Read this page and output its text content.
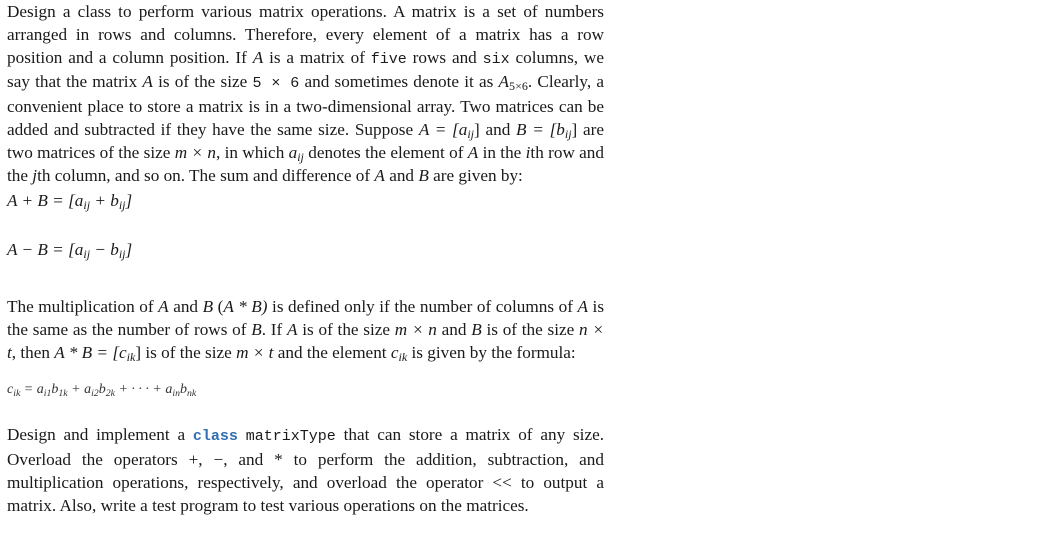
Design a class to perform various matrix operations. A matrix is a set of numbers arranged in rows and columns. Therefore, every element of a matrix has a row position and a column position. If A is a matrix of five rows and six columns, we say that the matrix A is of the size 5 × 6 and sometimes denote it as $A_{5\times 6}$. Clearly, a convenient place to store a matrix is in a two-dimensional array. Two matrices can be added and subtracted if they have the same size. Suppose $A = [a_{ij}]$ and $B = [b_{ij}]$ are two matrices of the size m × n, in which $a_{ij}$ denotes the element of A in the ith row and the jth column, and so on. The sum and difference of A and B are given by:

$A + B = [a_{ij} + b_{ij}]$
$A - B = [a_{ij} - b_{ij}]$

The multiplication of A and B (A * B) is defined only if the number of columns of A is the same as the number of rows of B. If A is of the size m × n and B is of the size n × t, then $A * B = [c_{ik}]$ is of the size m × t and the element $c_{ik}$ is given by the formula:

$c_{ik} = a_{i1}b_{1k} + a_{i2}b_{2k}$ + · · · + $a_{in}b_{nk}$

Design and implement a class matrixType that can store a matrix of any size. Overload the operators +, −, and * to perform the addition, subtraction, and multiplication operations, respectively, and overload the operator << to output a matrix. Also, write a test program to test various operations on the matrices.
